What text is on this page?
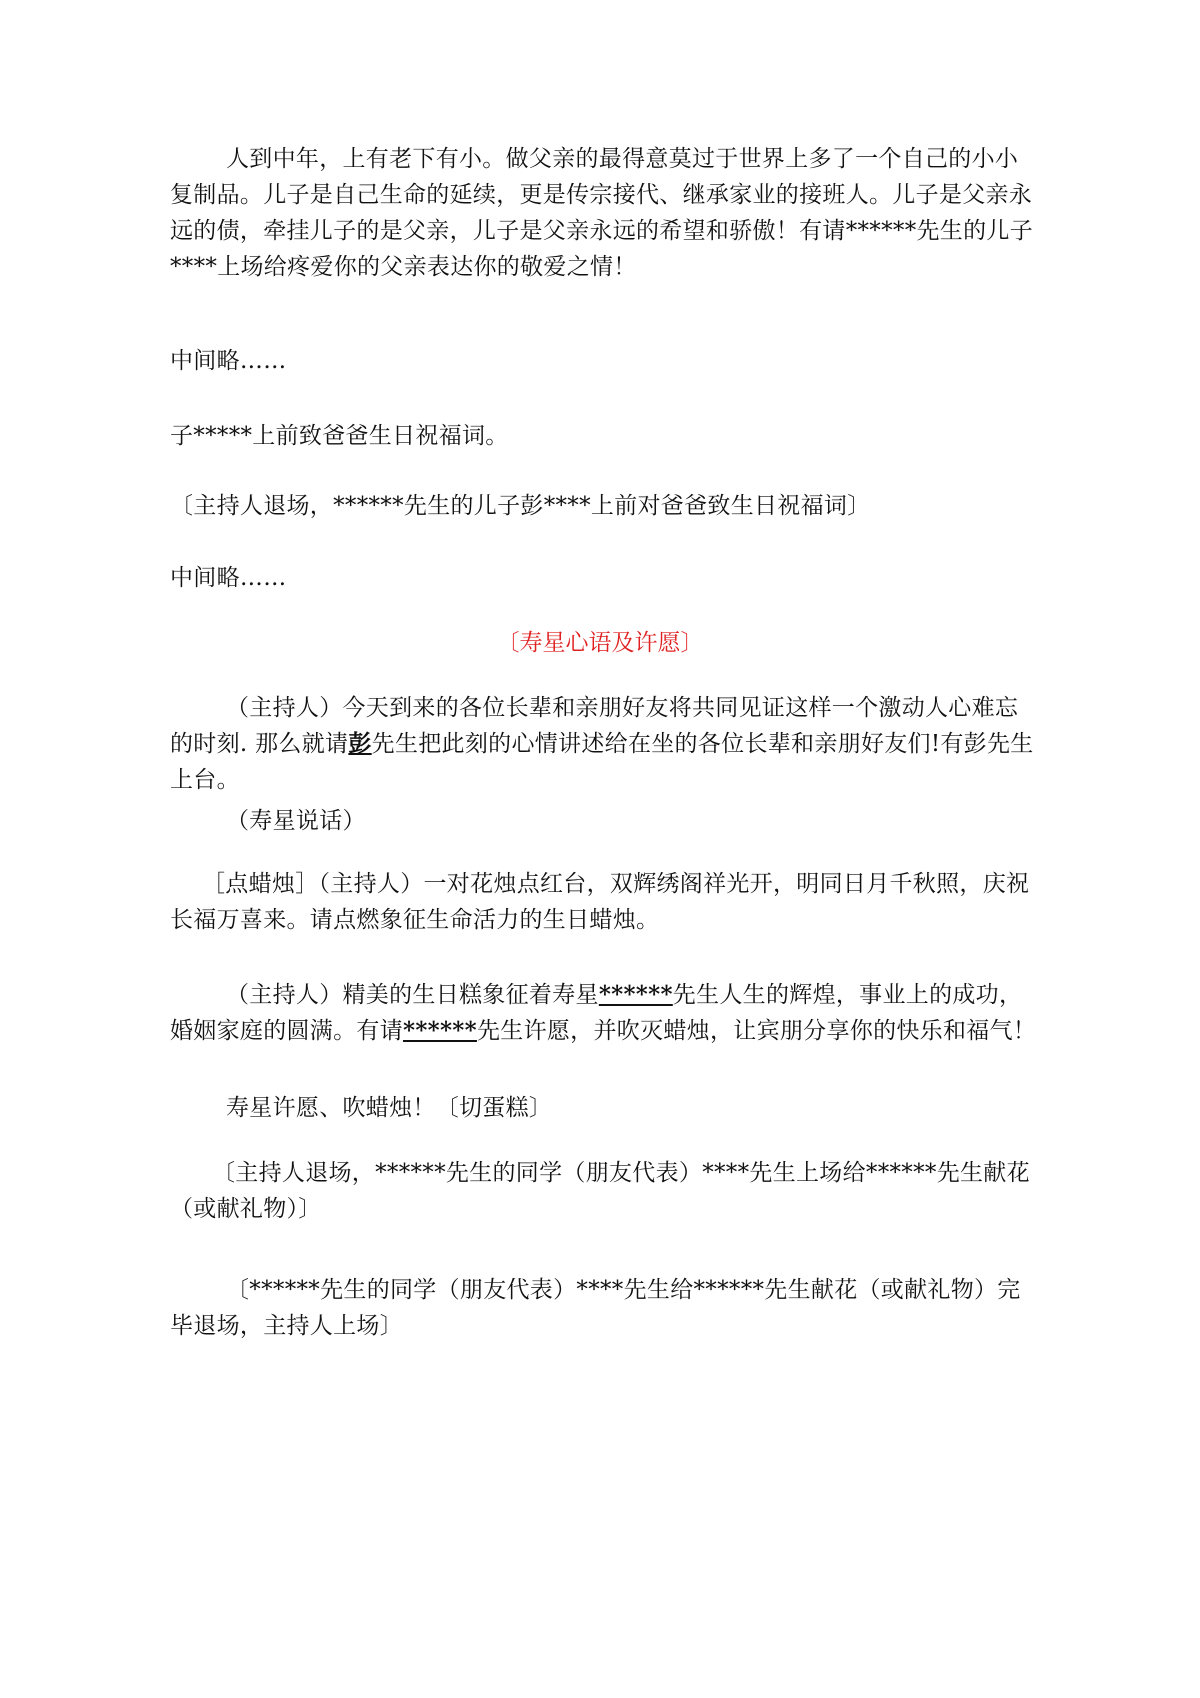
人到中年，上有老下有小。做父亲的最得意莫过于世界上多了一个自己的小小复制品。儿子是自己生命的延续，更是传宗接代、继承家业的接班人。儿子是父亲永远的债，牵挂儿子的是父亲，儿子是父亲永远的希望和骄傲！有请******先生的儿子****上场给疼爱你的父亲表达你的敬爱之情！

中间略……

子*****上前致爸爸生日祝福词。

〔主持人退场，******先生的儿子彭****上前对爸爸致生日祝福词〕

中间略……

〔寿星心语及许愿〕

（主持人）今天到来的各位长辈和亲朋好友将共同见证这样一个激动人心难忘的时刻. 那么就请彭先生把此刻的心情讲述给在坐的各位长辈和亲朋好友们!有彭先生上台。

（寿星说话）

［点蜡烛］（主持人）一对花烛点红台，双辉绣阁祥光开，明同日月千秋照，庆祝长福万喜来。请点燃象征生命活力的生日蜡烛。

（主持人）精美的生日糕象征着寿星******先生人生的辉煌，事业上的成功，婚姻家庭的圆满。有请******先生许愿，并吹灭蜡烛，让宾朋分享你的快乐和福气！

寿星许愿、吹蜡烛！〔切蛋糕〕

〔主持人退场，******先生的同学（朋友代表）****先生上场给******先生献花（或献礼物）〕

〔******先生的同学（朋友代表）****先生给******先生献花（或献礼物）完毕退场，主持人上场〕
